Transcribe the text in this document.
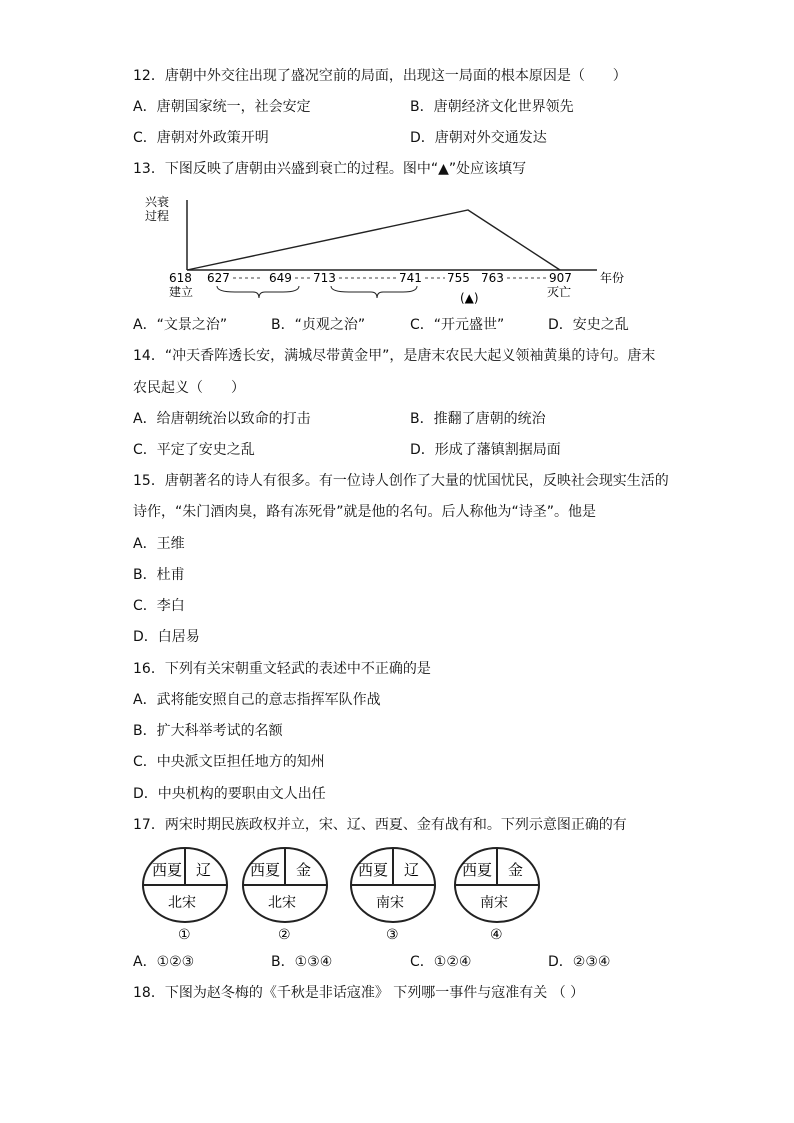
12．唐朝中外交往出现了盛况空前的局面，出现这一局面的根本原因是（　　）
A．唐朝国家统一，社会安定	B．唐朝经济文化世界领先
C．唐朝对外政策开明	D．唐朝对外交通发达
13．下图反映了唐朝由兴盛到衰亡的过程。图中“▲”处应该填写
兴衰
过程
618 627	649 713	741 755 763	907 年份
建立	灭亡
(▲)
A．“文景之治”	B．“贞观之治”	C．“开元盛世”	D．安史之乱
14．“冲天香阵透长安，满城尽带黄金甲”，是唐末农民大起义领袖黄巢的诗句。唐末
农民起义（　　）
A．给唐朝统治以致命的打击	B．推翻了唐朝的统治
C．平定了安史之乱	D．形成了藩镇割据局面
15．唐朝著名的诗人有很多。有一位诗人创作了大量的忧国忧民，反映社会现实生活的
诗作，“朱门酒肉臭，路有冻死骨”就是他的名句。后人称他为“诗圣”。他是
A．王维
B．杜甫
C．李白
D．白居易
16．下列有关宋朝重文轻武的表述中不正确的是
A．武将能安照自己的意志指挥军队作战
B．扩大科举考试的名额
C．中央派文臣担任地方的知州
D．中央机构的要职由文人出任
17．两宋时期民族政权并立，宋、辽、西夏、金有战有和。下列示意图正确的有
西夏 辽
北宋
①
西夏 金
北宋
②
西夏 辽
南宋
③
西夏 金
南宋
④
A．①②③	B．①③④	C．①②④	D．②③④
18．下图为赵冬梅的《千秋是非话寇准》 下列哪一事件与寇准有关 （ ）
